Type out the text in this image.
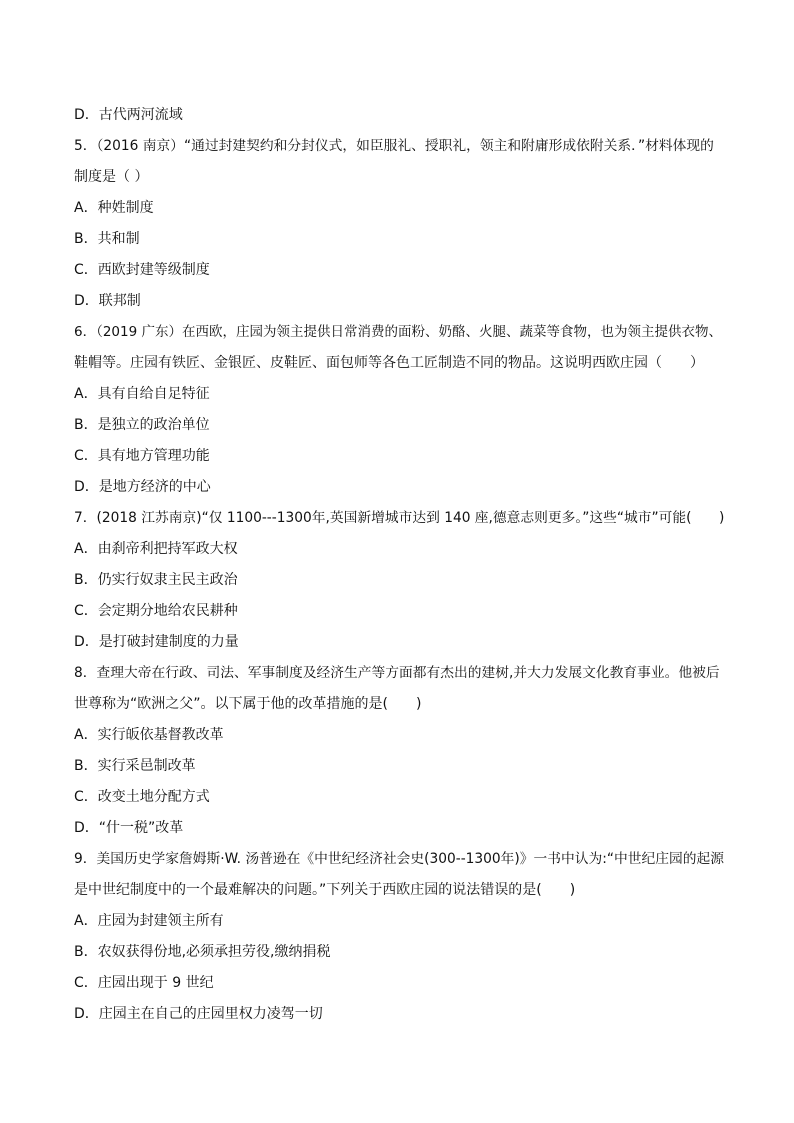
D．古代两河流域
5．（2016 南京）“通过封建契约和分封仪式，如臣服礼、授职礼，领主和附庸形成依附关系．”材料体现的
制度是（ ）
A．种姓制度
B．共和制
C．西欧封建等级制度
D．联邦制
6．（2019 广东）在西欧，庄园为领主提供日常消费的面粉、奶酪、火腿、蔬菜等食物，也为领主提供衣物、
鞋帽等。庄园有铁匠、金银匠、皮鞋匠、面包师等各色工匠制造不同的物品。这说明西欧庄园（　　）
A．具有自给自足特征
B．是独立的政治单位
C．具有地方管理功能
D．是地方经济的中心
7．(2018 江苏南京)“仅 1100---1300年,英国新增城市达到 140 座,德意志则更多。”这些“城市”可能(　　)
A．由刹帝利把持军政大权
B．仍实行奴隶主民主政治
C．会定期分地给农民耕种
D．是打破封建制度的力量
8．查理大帝在行政、司法、军事制度及经济生产等方面都有杰出的建树,并大力发展文化教育事业。他被后
世尊称为“欧洲之父”。以下属于他的改革措施的是(　　)
A．实行皈依基督教改革
B．实行采邑制改革
C．改变土地分配方式
D．“什一税”改革
9．美国历史学家詹姆斯·W. 汤普逊在《中世纪经济社会史(300--1300年)》一书中认为:“中世纪庄园的起源
是中世纪制度中的一个最难解决的问题。”下列关于西欧庄园的说法错误的是(　　)
A．庄园为封建领主所有
B．农奴获得份地,必须承担劳役,缴纳捐税
C．庄园出现于 9 世纪
D．庄园主在自己的庄园里权力凌驾一切
